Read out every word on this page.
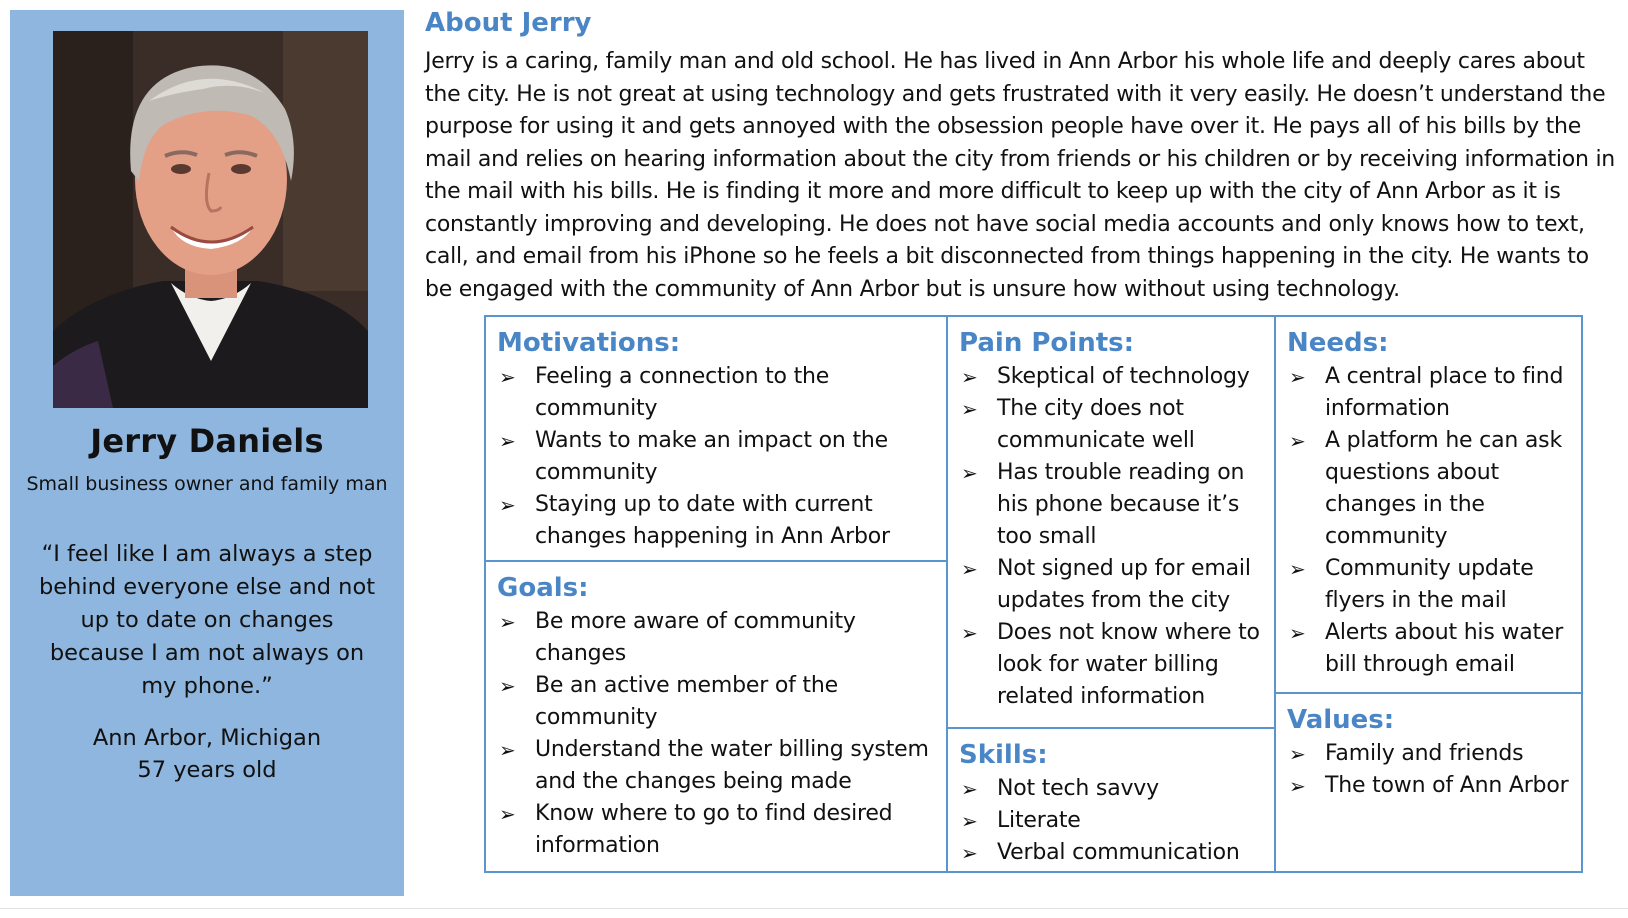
Jerry Daniels
Small business owner and family man
“I feel like I am always a step behind everyone else and not up to date on changes because I am not always on my phone.”
Ann Arbor, Michigan
57 years old
About Jerry
Jerry is a caring, family man and old school. He has lived in Ann Arbor his whole life and deeply cares about the city. He is not great at using technology and gets frustrated with it very easily. He doesn’t understand the purpose for using it and gets annoyed with the obsession people have over it. He pays all of his bills by the mail and relies on hearing information about the city from friends or his children or by receiving information in the mail with his bills. He is finding it more and more difficult to keep up with the city of Ann Arbor as it is constantly improving and developing. He does not have social media accounts and only knows how to text, call, and email from his iPhone so he feels a bit disconnected from things happening in the city. He wants to be engaged with the community of Ann Arbor but is unsure how without using technology.
Motivations:
➢ Feeling a connection to the community
➢ Wants to make an impact on the community
➢ Staying up to date with current changes happening in Ann Arbor
Goals:
➢ Be more aware of community changes
➢ Be an active member of the community
➢ Understand the water billing system and the changes being made
➢ Know where to go to find desired information
Pain Points:
➢ Skeptical of technology
➢ The city does not communicate well
➢ Has trouble reading on his phone because it’s too small
➢ Not signed up for email updates from the city
➢ Does not know where to look for water billing related information
Skills:
➢ Not tech savvy
➢ Literate
➢ Verbal communication
Needs:
➢ A central place to find information
➢ A platform he can ask questions about changes in the community
➢ Community update flyers in the mail
➢ Alerts about his water bill through email
Values:
➢ Family and friends
➢ The town of Ann Arbor
